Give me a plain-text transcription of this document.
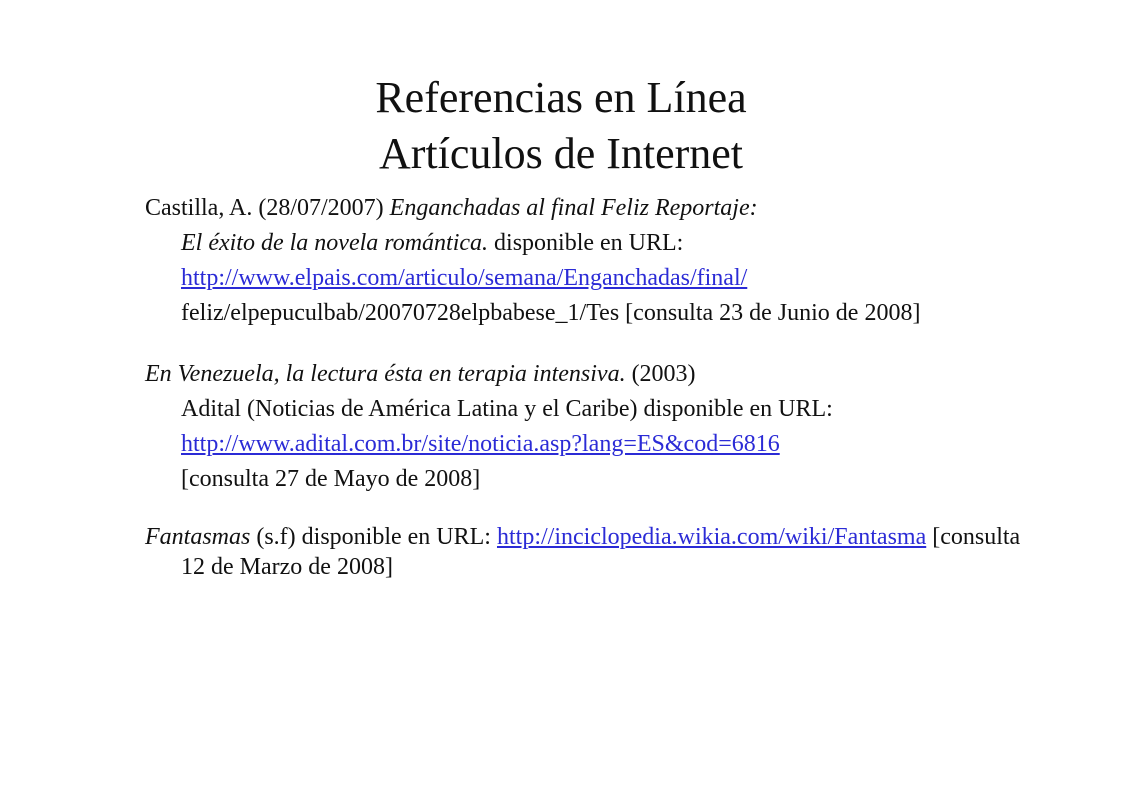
Referencias en Línea
Artículos de Internet
Castilla, A. (28/07/2007) Enganchadas al final Feliz Reportaje:
El éxito de la novela romántica. disponible en URL:
http://www.elpais.com/articulo/semana/Enganchadas/final/
feliz/elpepuculbab/20070728elpbabese_1/Tes [consulta 23 de Junio de 2008]
En Venezuela, la lectura ésta en terapia intensiva. (2003)
Adital (Noticias de América Latina y el Caribe) disponible en URL:
http://www.adital.com.br/site/noticia.asp?lang=ES&cod=6816
[consulta 27 de Mayo de 2008]
Fantasmas (s.f) disponible en URL: http://inciclopedia.wikia.com/wiki/Fantasma [consulta 12 de Marzo de 2008]
